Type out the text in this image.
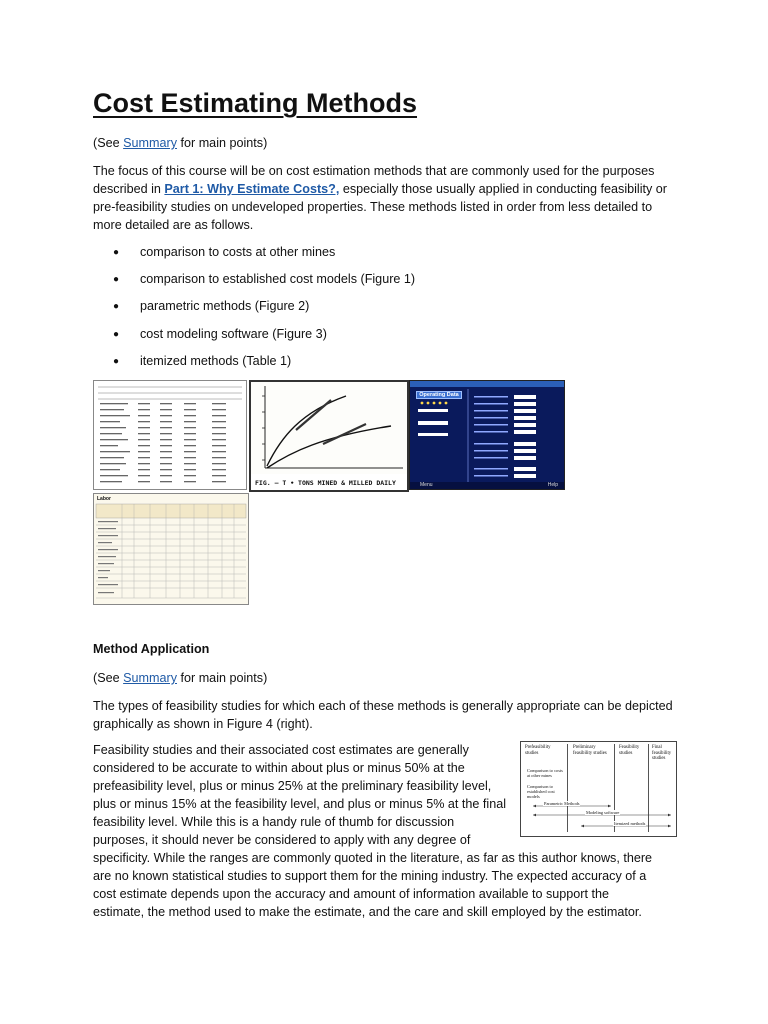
Cost Estimating Methods
(See Summary for main points)
The focus of this course will be on cost estimation methods that are commonly used for the purposes described in Part 1: Why Estimate Costs?, especially those usually applied in conducting feasibility or pre-feasibility studies on undeveloped properties. These methods listed in order from less detailed to more detailed are as follows.
● comparison to costs at other mines
● comparison to established cost models (Figure 1)
● parametric methods (Figure 2)
● cost modeling software (Figure 3)
● itemized methods (Table 1)
FIG. — T • TONS MINED & MILLED DAILY
Operating Data
Menu	Help
Labor
Method Application
(See Summary for main points)
The types of feasibility studies for which each of these methods is generally appropriate can be depicted graphically as shown in Figure 4 (right).
Feasibility studies and their associated cost estimates are generally
considered to be accurate to within about plus or minus 50% at the
prefeasibility level, plus or minus 25% at the preliminary feasibility level,
plus or minus 15% at the feasibility level, and plus or minus 5% at the final
feasibility level. While this is a handy rule of thumb for discussion
purposes, it should never be considered to apply with any degree of
specificity. While the ranges are commonly quoted in the literature, as far as this author knows, there are no known statistical studies to support them for the mining industry. The expected accuracy of a cost estimate depends upon the accuracy and amount of information available to support the estimate, the method used to make the estimate, and the care and skill employed by the estimator.
Prefeasibility studies
Preliminary feasibility studies
Feasibility studies
Final feasibility studies
Comparison to costs at other mines
Comparison to established cost models
Parametric Methods
Modeling software
Itemized methods
